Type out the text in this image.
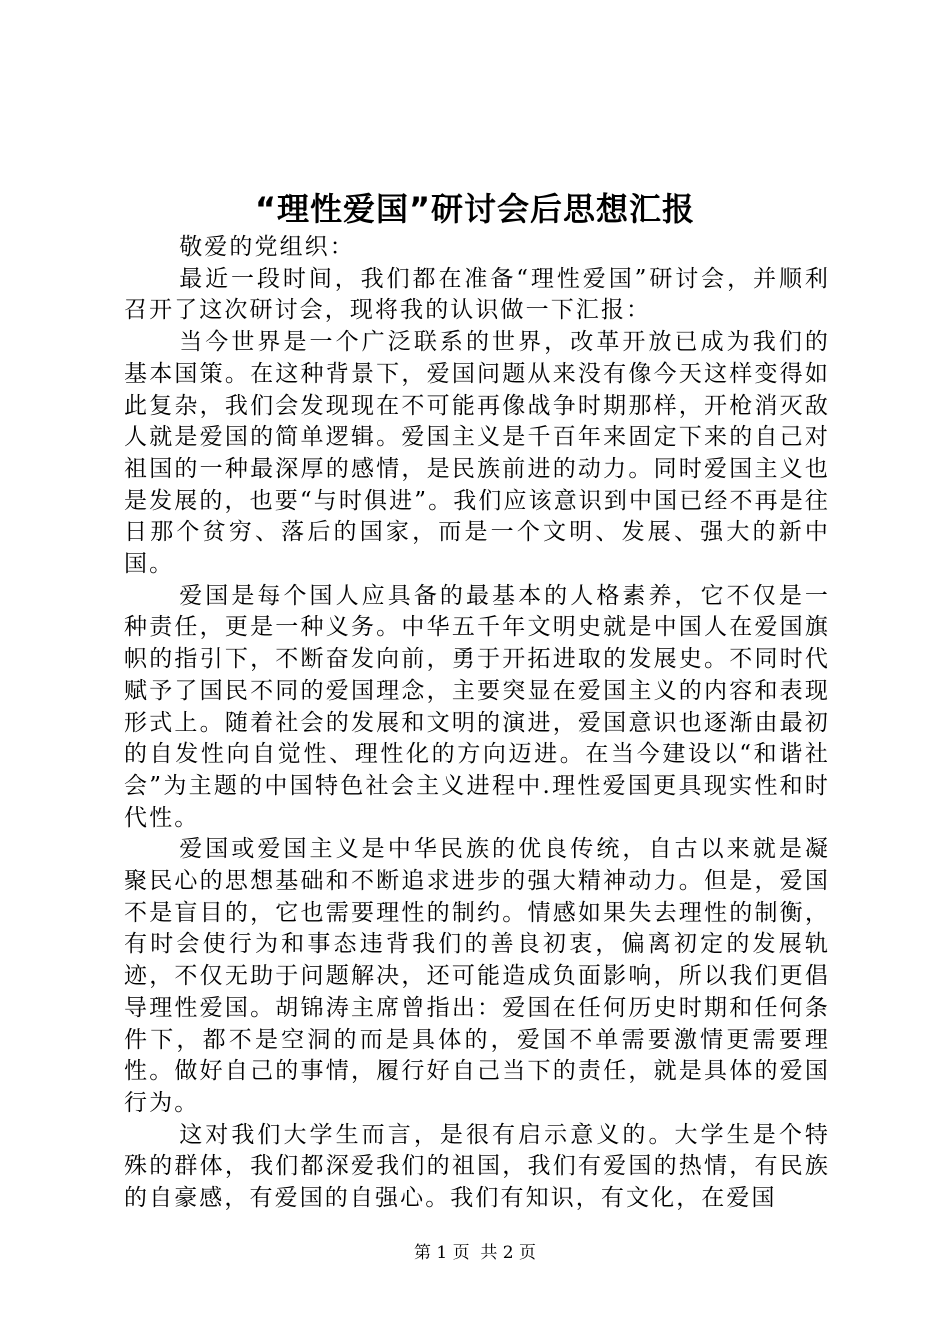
“理性爱国”研讨会后思想汇报

敬爱的党组织：

最近一段时间，我们都在准备“理性爱国”研讨会，并顺利召开了这次研讨会，现将我的认识做一下汇报：

当今世界是一个广泛联系的世界，改革开放已成为我们的基本国策。在这种背景下，爱国问题从来没有像今天这样变得如此复杂，我们会发现现在不可能再像战争时期那样，开枪消灭敌人就是爱国的简单逻辑。爱国主义是千百年来固定下来的自己对祖国的一种最深厚的感情，是民族前进的动力。同时爱国主义也是发展的，也要“与时俱进”。我们应该意识到中国已经不再是往日那个贫穷、落后的国家，而是一个文明、发展、强大的新中国。

爱国是每个国人应具备的最基本的人格素养，它不仅是一种责任，更是一种义务。中华五千年文明史就是中国人在爱国旗帜的指引下，不断奋发向前，勇于开拓进取的发展史。不同时代赋予了国民不同的爱国理念，主要突显在爱国主义的内容和表现形式上。随着社会的发展和文明的演进，爱国意识也逐渐由最初的自发性向自觉性、理性化的方向迈进。在当今建设以“和谐社会”为主题的中国特色社会主义进程中.理性爱国更具现实性和时代性。

爱国或爱国主义是中华民族的优良传统，自古以来就是凝聚民心的思想基础和不断追求进步的强大精神动力。但是，爱国不是盲目的，它也需要理性的制约。情感如果失去理性的制衡，有时会使行为和事态违背我们的善良初衷，偏离初定的发展轨迹，不仅无助于问题解决，还可能造成负面影响，所以我们更倡导理性爱国。胡锦涛主席曾指出：爱国在任何历史时期和任何条件下，都不是空洞的而是具体的，爱国不单需要激情更需要理性。做好自己的事情，履行好自己当下的责任，就是具体的爱国行为。

这对我们大学生而言，是很有启示意义的。大学生是个特殊的群体，我们都深爱我们的祖国，我们有爱国的热情，有民族的自豪感，有爱国的自强心。我们有知识，有文化，在爱国

第 1 页  共 2 页
